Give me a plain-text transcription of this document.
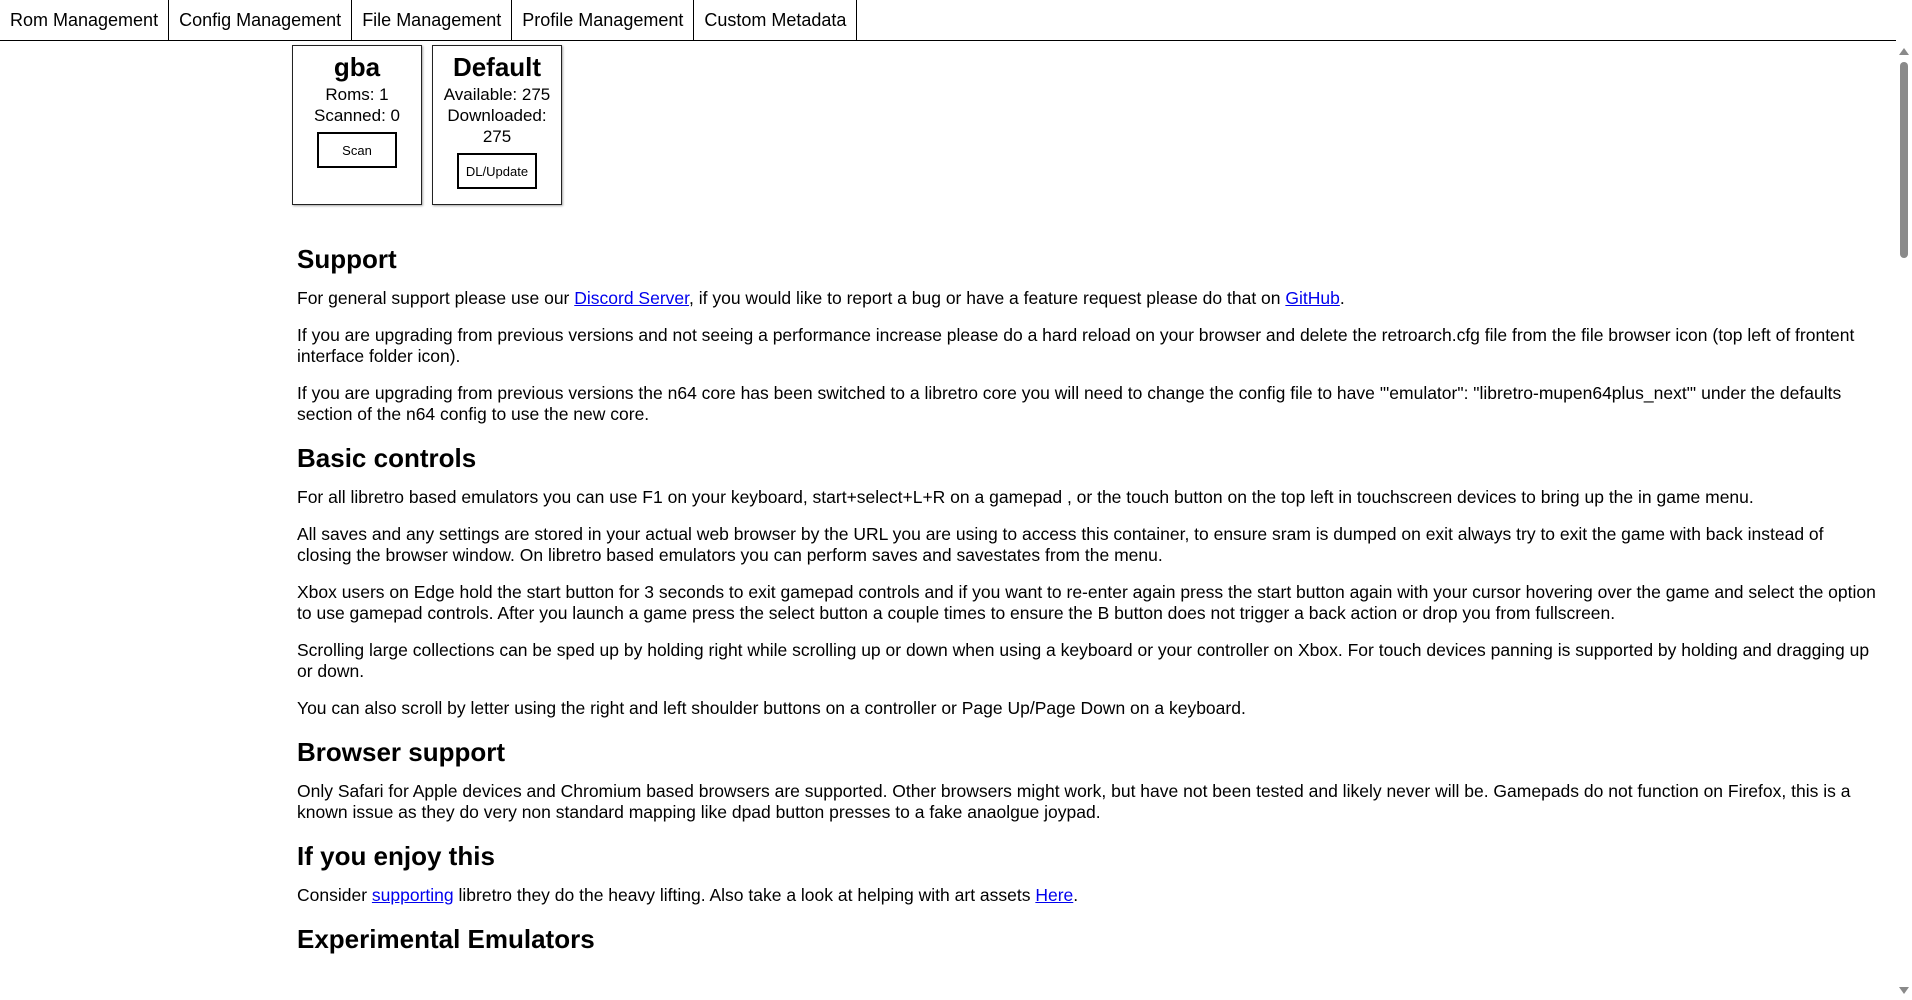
Rom Management	Config Management	File Management	Profile Management	Custom Metadata
gba
Roms: 1
Scanned: 0
Scan
Default
Available: 275
Downloaded: 275
DL/Update
Support

For general support please use our Discord Server, if you would like to report a bug or have a feature request please do that on GitHub.

If you are upgrading from previous versions and not seeing a performance increase please do a hard reload on your browser and delete the retroarch.cfg file from the file browser icon (top left of frontent interface folder icon).

If you are upgrading from previous versions the n64 core has been switched to a libretro core you will need to change the config file to have '"emulator": "libretro-mupen64plus_next"' under the defaults section of the n64 config to use the new core.

Basic controls

For all libretro based emulators you can use F1 on your keyboard, start+select+L+R on a gamepad , or the touch button on the top left in touchscreen devices to bring up the in game menu.

All saves and any settings are stored in your actual web browser by the URL you are using to access this container, to ensure sram is dumped on exit always try to exit the game with back instead of closing the browser window. On libretro based emulators you can perform saves and savestates from the menu.

Xbox users on Edge hold the start button for 3 seconds to exit gamepad controls and if you want to re-enter again press the start button again with your cursor hovering over the game and select the option to use gamepad controls. After you launch a game press the select button a couple times to ensure the B button does not trigger a back action or drop you from fullscreen.

Scrolling large collections can be sped up by holding right while scrolling up or down when using a keyboard or your controller on Xbox. For touch devices panning is supported by holding and dragging up or down.

You can also scroll by letter using the right and left shoulder buttons on a controller or Page Up/Page Down on a keyboard.

Browser support

Only Safari for Apple devices and Chromium based browsers are supported. Other browsers might work, but have not been tested and likely never will be. Gamepads do not function on Firefox, this is a known issue as they do very non standard mapping like dpad button presses to a fake anaolgue joypad.

If you enjoy this

Consider supporting libretro they do the heavy lifting. Also take a look at helping with art assets Here.

Experimental Emulators
